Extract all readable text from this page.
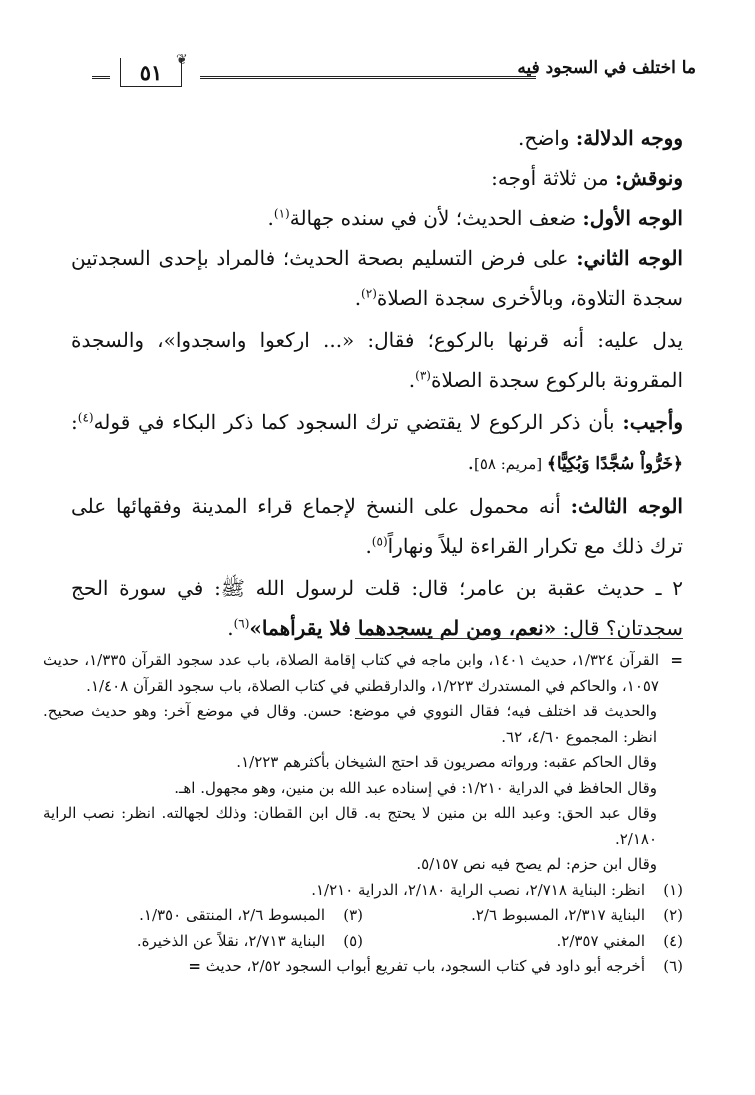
ما اختلف في السجود فيه
❦
٥١

ووجه الدلالة: واضح.

ونوقش: من ثلاثة أوجه:

الوجه الأول: ضعف الحديث؛ لأن في سنده جهالة$^{(١)}$.

الوجه الثاني: على فرض التسليم بصحة الحديث؛ فالمراد بإحدى السجدتين سجدة التلاوة، وبالأخرى سجدة الصلاة$^{(٢)}$.

يدل عليه: أنه قرنها بالركوع؛ فقال: «... اركعوا واسجدوا»، والسجدة المقرونة بالركوع سجدة الصلاة$^{(٣)}$.

وأجيب: بأن ذكر الركوع لا يقتضي ترك السجود كما ذكر البكاء في قوله$^{(٤)}$: ﴿خَرُّواْ سُجَّدًا وَبُكِيًّا﴾ [مريم: ٥٨].

الوجه الثالث: أنه محمول على النسخ لإجماع قراء المدينة وفقهائها على ترك ذلك مع تكرار القراءة ليلاً ونهاراً$^{(٥)}$.

٢ ـ حديث عقبة بن عامر؛ قال: قلت لرسول الله ﷺ: في سورة الحج سجدتان؟ قال: «نعم، ومن لم يسجدهما فلا يقرأهما»$^{(٦)}$.

=
القرآن ١/٣٢٤، حديث ١٤٠١، وابن ماجه في كتاب إقامة الصلاة، باب عدد سجود القرآن ١/٣٣٥، حديث ١٠٥٧، والحاكم في المستدرك ١/٢٢٣، والدارقطني في كتاب الصلاة، باب سجود القرآن ١/٤٠٨.

والحديث قد اختلف فيه؛ فقال النووي في موضع: حسن. وقال في موضع آخر: وهو حديث صحيح. انظر: المجموع ٤/٦٠، ٦٢.

وقال الحاكم عقبه: ورواته مصريون قد احتج الشيخان بأكثرهم ١/٢٢٣.

وقال الحافظ في الدراية ١/٢١٠: في إسناده عبد الله بن منين، وهو مجهول. اهـ.

وقال عبد الحق: وعبد الله بن منين لا يحتج به. قال ابن القطان: وذلك لجهالته. انظر: نصب الراية ٢/١٨٠.

وقال ابن حزم: لم يصح فيه نص ٥/١٥٧.

(١)
انظر: البناية ٢/٧١٨، نصب الراية ٢/١٨٠، الدراية ١/٢١٠.
(٢)
البناية ٢/٣١٧، المسبوط ٢/٦.
(٣)
المبسوط ٢/٦، المنتقى ١/٣٥٠.
(٤)
المغني ٢/٣٥٧.
(٥)
البناية ٢/٧١٣، نقلاً عن الذخيرة.
(٦)
أخرجه أبو داود في كتاب السجود، باب تفريع أبواب السجود ٢/٥٢، حديث =
